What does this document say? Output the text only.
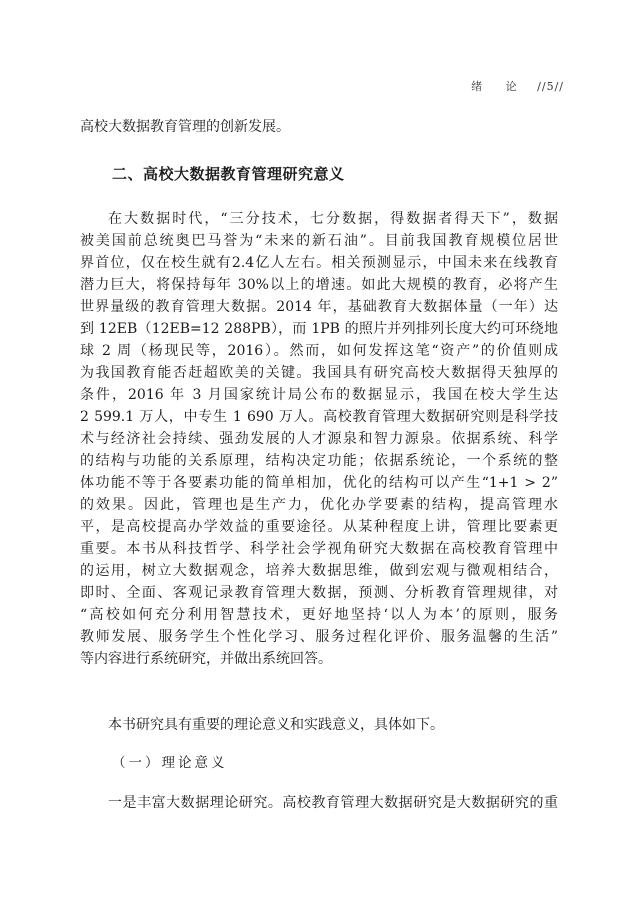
绪 论 //5//
高校大数据教育管理的创新发展。
二、高校大数据教育管理研究意义
在大数据时代，“三分技术，七分数据，得数据者得天下”，数据
被美国前总统奥巴马誉为“未来的新石油”。目前我国教育规模位居世
界首位，仅在校生就有2.4亿人左右。相关预测显示，中国未来在线教育
潜力巨大，将保持每年 30%以上的增速。如此大规模的教育，必将产生
世界量级的教育管理大数据。2014 年，基础教育大数据体量（一年）达
到 12EB（12EB=12 288PB），而 1PB 的照片并列排列长度大约可环绕地
球 2 周（杨现民等，2016）。然而，如何发挥这笔“资产”的价值则成
为我国教育能否赶超欧美的关键。我国具有研究高校大数据得天独厚的
条件，2016 年 3 月国家统计局公布的数据显示，我国在校大学生达
2 599.1 万人，中专生 1 690 万人。高校教育管理大数据研究则是科学技
术与经济社会持续、强劲发展的人才源泉和智力源泉。依据系统、科学
的结构与功能的关系原理，结构决定功能；依据系统论，一个系统的整
体功能不等于各要素功能的简单相加，优化的结构可以产生“1+1 > 2”
的效果。因此，管理也是生产力，优化办学要素的结构，提高管理水
平，是高校提高办学效益的重要途径。从某种程度上讲，管理比要素更
重要。本书从科技哲学、科学社会学视角研究大数据在高校教育管理中
的运用，树立大数据观念，培养大数据思维，做到宏观与微观相结合，
即时、全面、客观记录教育管理大数据，预测、分析教育管理规律，对
“高校如何充分利用智慧技术，更好地坚持‘以人为本’的原则，服务
教师发展、服务学生个性化学习、服务过程化评价、服务温馨的生活”
等内容进行系统研究，并做出系统回答。
本书研究具有重要的理论意义和实践意义，具体如下。
（一）理论意义
一是丰富大数据理论研究。高校教育管理大数据研究是大数据研究的重
